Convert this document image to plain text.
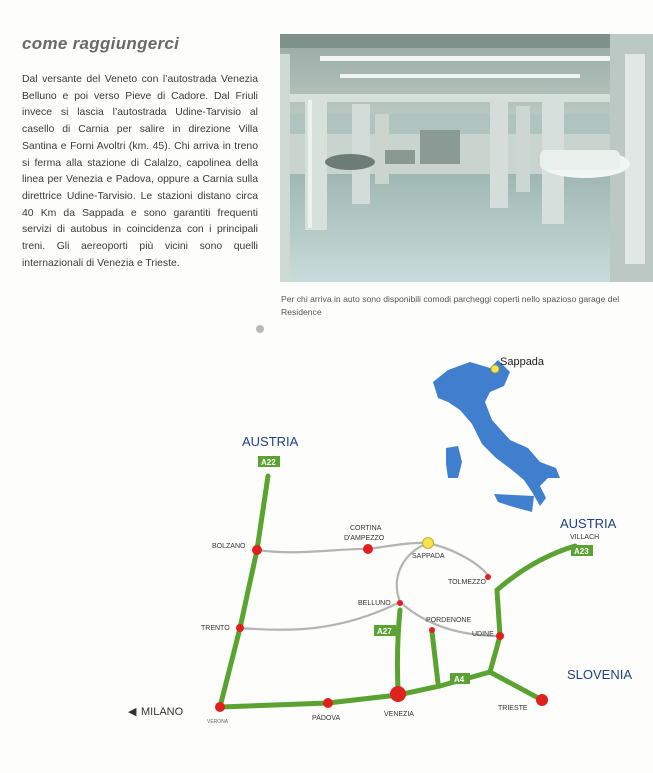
come raggiungerci
Dal versante del Veneto con l’autostrada Venezia Belluno e poi verso Pieve di Cadore. Dal Friuli invece si lascia l’autostrada Udine-Tarvisio al casello di Carnia per salire in direzione Villa Santina e Forni Avoltri (km. 45). Chi arriva in treno si ferma alla stazione di Calalzo, capolinea della linea per Venezia e Padova, oppure a Carnia sulla direttrice Udine-Tarvisio. Le stazioni distano circa 40 Km da Sappada e sono garantiti frequenti servizi di autobus in coincidenza con i principali treni. Gli aereoporti più vicini sono quelli internazionali di Venezia e Trieste.
Per chi arriva in auto sono disponibili comodi parcheggi coperti nello spazioso garage del Residence
Sappada
A22
A23
A27
A4
AUSTRIA
AUSTRIA
SLOVENIA
BOLZANO
CORTINA
D'AMPEZZO
SAPPADA
TOLMEZZO
BELLUNO
PORDENONE
UDINE
TRENTO
VERONA	PADOVA
VENEZIA
TRIESTE
VILLACH
◀ MILANO
